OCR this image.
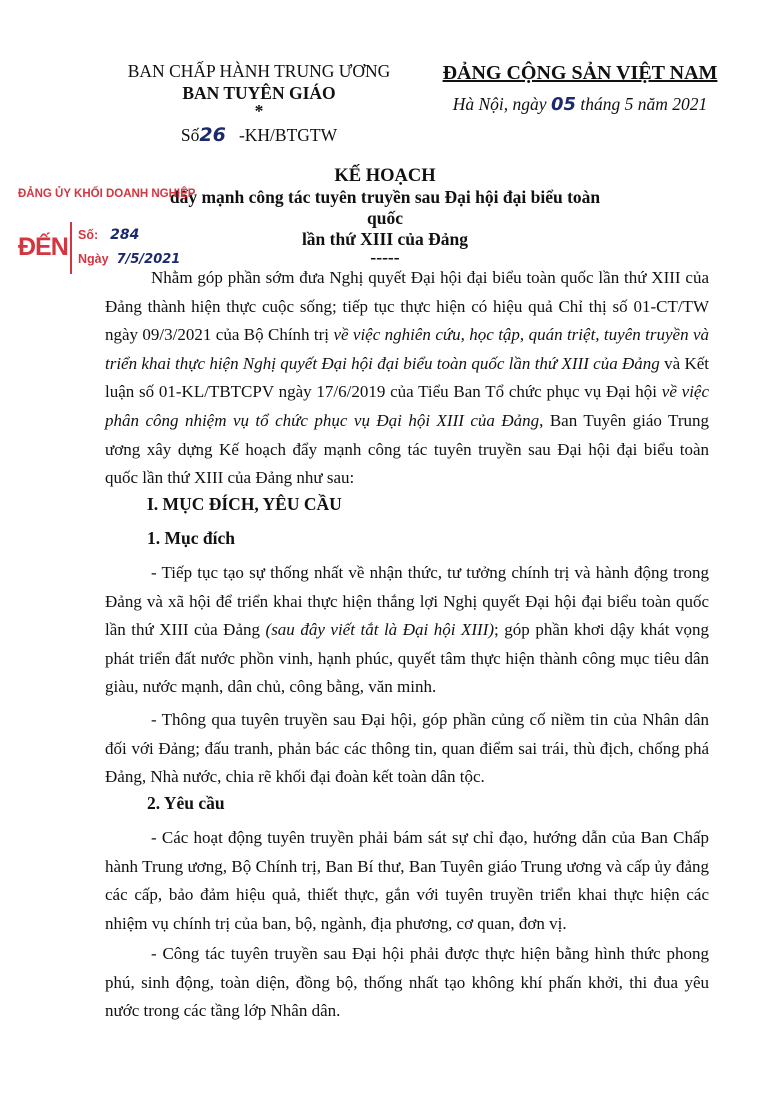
BAN CHẤP HÀNH TRUNG ƯƠNG
BAN TUYÊN GIÁO
*
Số26 -KH/BTGTW
ĐẢNG CỘNG SẢN VIỆT NAM
Hà Nội, ngày 05 tháng 5 năm 2021
KẾ HOẠCH
đẩy mạnh công tác tuyên truyền sau Đại hội đại biểu toàn quốc
lần thứ XIII của Đảng
-----
ĐẢNG ỦY KHỐI DOANH NGHIỆP
ĐẾN Số: 284
Ngày 7/5/2021

Nhằm góp phần sớm đưa Nghị quyết Đại hội đại biểu toàn quốc lần thứ XIII của Đảng thành hiện thực cuộc sống; tiếp tục thực hiện có hiệu quả Chỉ thị số 01-CT/TW ngày 09/3/2021 của Bộ Chính trị về việc nghiên cứu, học tập, quán triệt, tuyên truyền và triển khai thực hiện Nghị quyết Đại hội đại biểu toàn quốc lần thứ XIII của Đảng và Kết luận số 01-KL/TBTCPV ngày 17/6/2019 của Tiểu Ban Tổ chức phục vụ Đại hội về việc phân công nhiệm vụ tổ chức phục vụ Đại hội XIII của Đảng, Ban Tuyên giáo Trung ương xây dựng Kế hoạch đẩy mạnh công tác tuyên truyền sau Đại hội đại biểu toàn quốc lần thứ XIII của Đảng như sau:

I. MỤC ĐÍCH, YÊU CẦU
1. Mục đích

- Tiếp tục tạo sự thống nhất về nhận thức, tư tưởng chính trị và hành động trong Đảng và xã hội để triển khai thực hiện thắng lợi Nghị quyết Đại hội đại biểu toàn quốc lần thứ XIII của Đảng (sau đây viết tắt là Đại hội XIII); góp phần khơi dậy khát vọng phát triển đất nước phồn vinh, hạnh phúc, quyết tâm thực hiện thành công mục tiêu dân giàu, nước mạnh, dân chủ, công bằng, văn minh.

- Thông qua tuyên truyền sau Đại hội, góp phần củng cố niềm tin của Nhân dân đối với Đảng; đấu tranh, phản bác các thông tin, quan điểm sai trái, thù địch, chống phá Đảng, Nhà nước, chia rẽ khối đại đoàn kết toàn dân tộc.

2. Yêu cầu

- Các hoạt động tuyên truyền phải bám sát sự chỉ đạo, hướng dẫn của Ban Chấp hành Trung ương, Bộ Chính trị, Ban Bí thư, Ban Tuyên giáo Trung ương và cấp ủy đảng các cấp, bảo đảm hiệu quả, thiết thực, gắn với tuyên truyền triển khai thực hiện các nhiệm vụ chính trị của ban, bộ, ngành, địa phương, cơ quan, đơn vị.

- Công tác tuyên truyền sau Đại hội phải được thực hiện bằng hình thức phong phú, sinh động, toàn diện, đồng bộ, thống nhất tạo không khí phấn khởi, thi đua yêu nước trong các tầng lớp Nhân dân.
